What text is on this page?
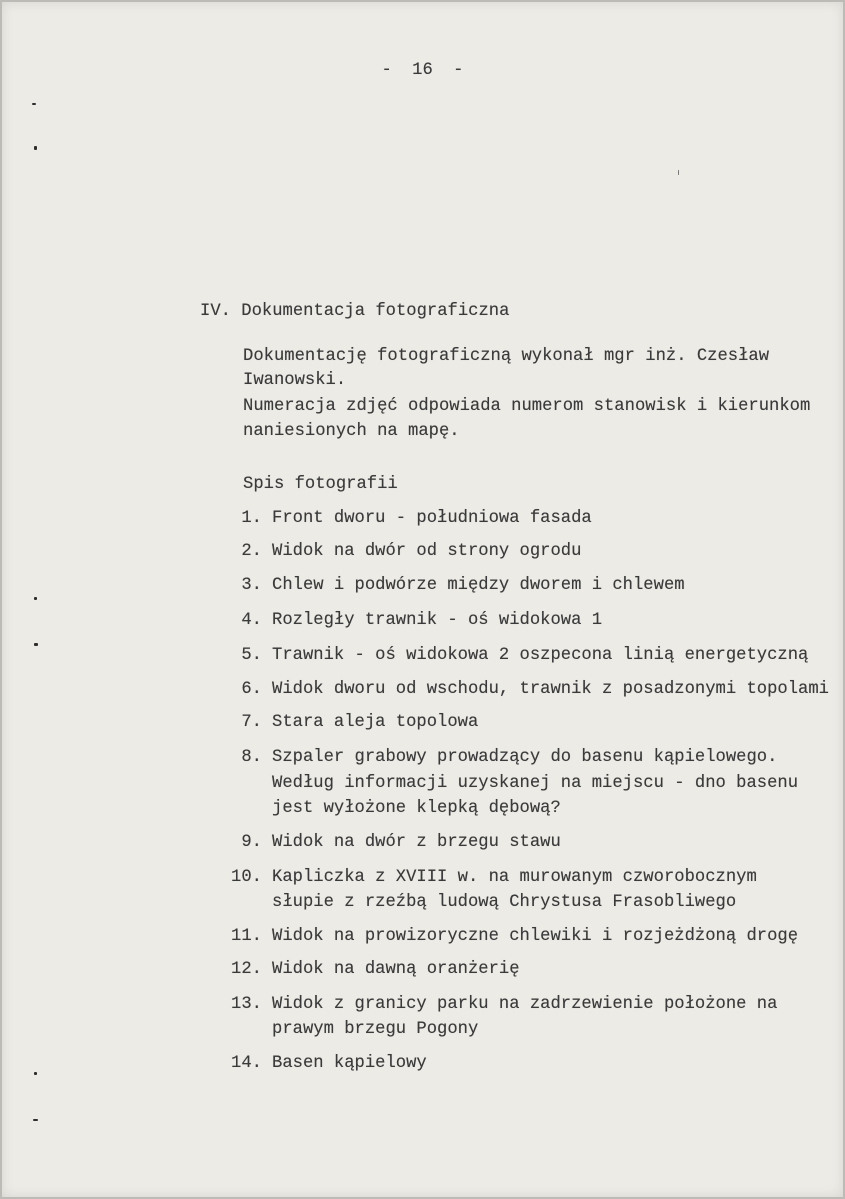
- 16 -
IV. Dokumentacja fotograficzna
Dokumentację fotograficzną wykonał mgr inż. Czesław
Iwanowski.
Numeracja zdjęć odpowiada numerom stanowisk i kierunkom
naniesionych na mapę.
Spis fotografii
1. Front dworu - południowa fasada
2. Widok na dwór od strony ogrodu
3. Chlew i podwórze między dworem i chlewem
4. Rozległy trawnik - oś widokowa 1
5. Trawnik - oś widokowa 2 oszpecona linią energetyczną
6. Widok dworu od wschodu, trawnik z posadzonymi topolami
7. Stara aleja topolowa
8. Szpaler grabowy prowadzący do basenu kąpielowego.
Według informacji uzyskanej na miejscu - dno basenu
jest wyłożone klepką dębową?
9. Widok na dwór z brzegu stawu
10. Kapliczka z XVIII w. na murowanym czworobocznym
słupie z rzeźbą ludową Chrystusa Frasobliwego
11. Widok na prowizoryczne chlewiki i rozjeżdżoną drogę
12. Widok na dawną oranżerię
13. Widok z granicy parku na zadrzewienie położone na
prawym brzegu Pogony
14. Basen kąpielowy
